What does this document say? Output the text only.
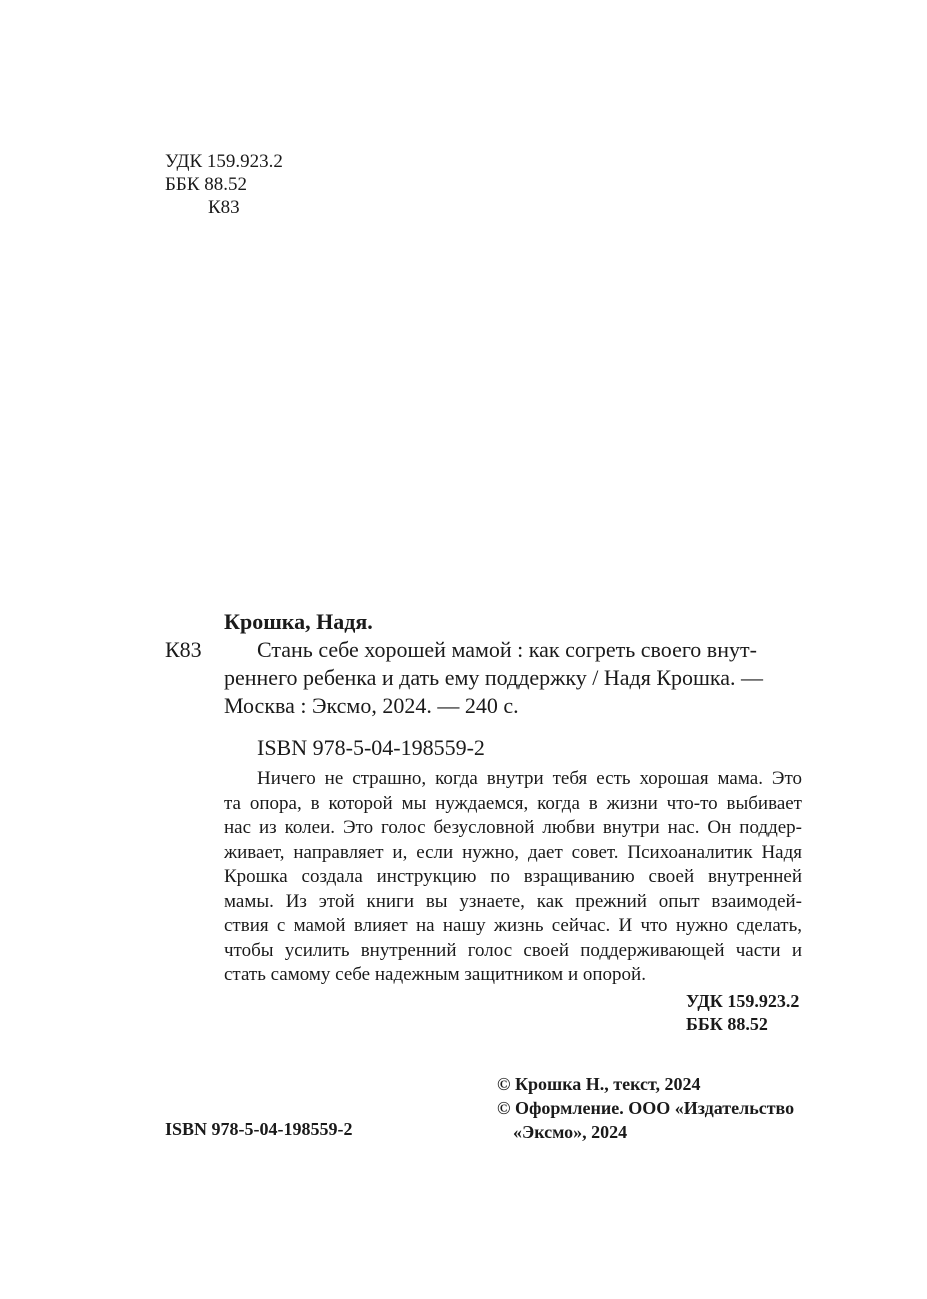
УДК 159.923.2
ББК 88.52
К83
Крошка, Надя.
К83	Стань себе хорошей мамой : как согреть своего внут-
реннего ребенка и дать ему поддержку / Надя Крошка. —
Москва : Эксмо, 2024. — 240 с.
ISBN 978-5-04-198559-2
Ничего не страшно, когда внутри тебя есть хорошая мама. Это
та опора, в которой мы нуждаемся, когда в жизни что-то выбивает
нас из колеи. Это голос безусловной любви внутри нас. Он поддер-
живает, направляет и, если нужно, дает совет. Психоаналитик Надя
Крошка создала инструкцию по взращиванию своей внутренней
мамы. Из этой книги вы узнаете, как прежний опыт взаимодей-
ствия с мамой влияет на нашу жизнь сейчас. И что нужно сделать,
чтобы усилить внутренний голос своей поддерживающей части и
стать самому себе надежным защитником и опорой.
УДК 159.923.2
ББК 88.52
© Крошка Н., текст, 2024
© Оформление. ООО «Издательство
«Эксмо», 2024
ISBN 978-5-04-198559-2
